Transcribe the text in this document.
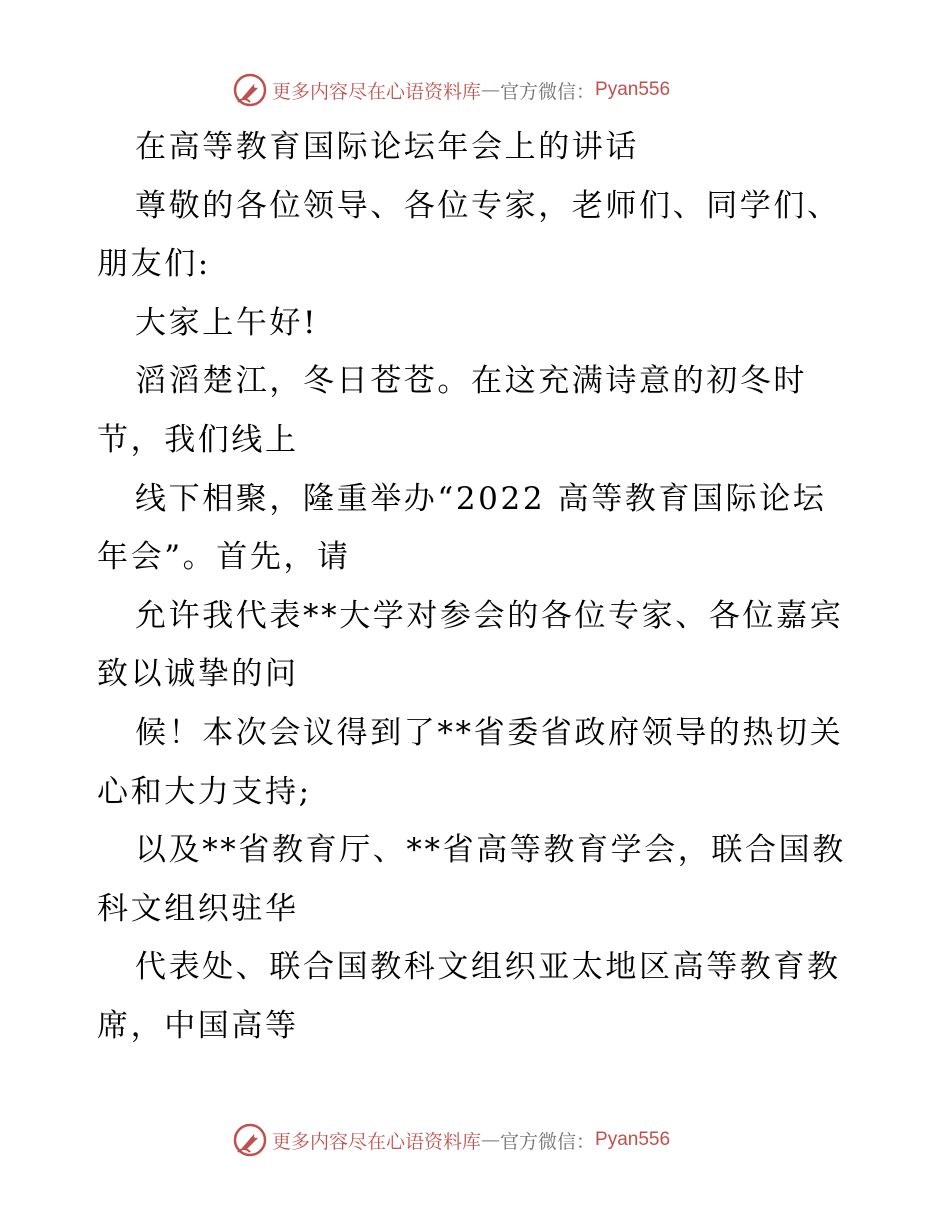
更多内容尽在心语资料库 — 官方微信： Pyan556
在高等教育国际论坛年会上的讲话
尊敬的各位领导、各位专家，老师们、同学们、
朋友们:
大家上午好!
滔滔楚江，冬日苍苍。在这充满诗意的初冬时
节，我们线上
线下相聚，隆重举办“2022 高等教育国际论坛
年会”。首先，请
允许我代表**大学对参会的各位专家、各位嘉宾
致以诚挚的问
候！本次会议得到了**省委省政府领导的热切关
心和大力支持;
以及**省教育厅、**省高等教育学会，联合国教
科文组织驻华
代表处、联合国教科文组织亚太地区高等教育教
席，中国高等
更多内容尽在心语资料库 — 官方微信： Pyan556
